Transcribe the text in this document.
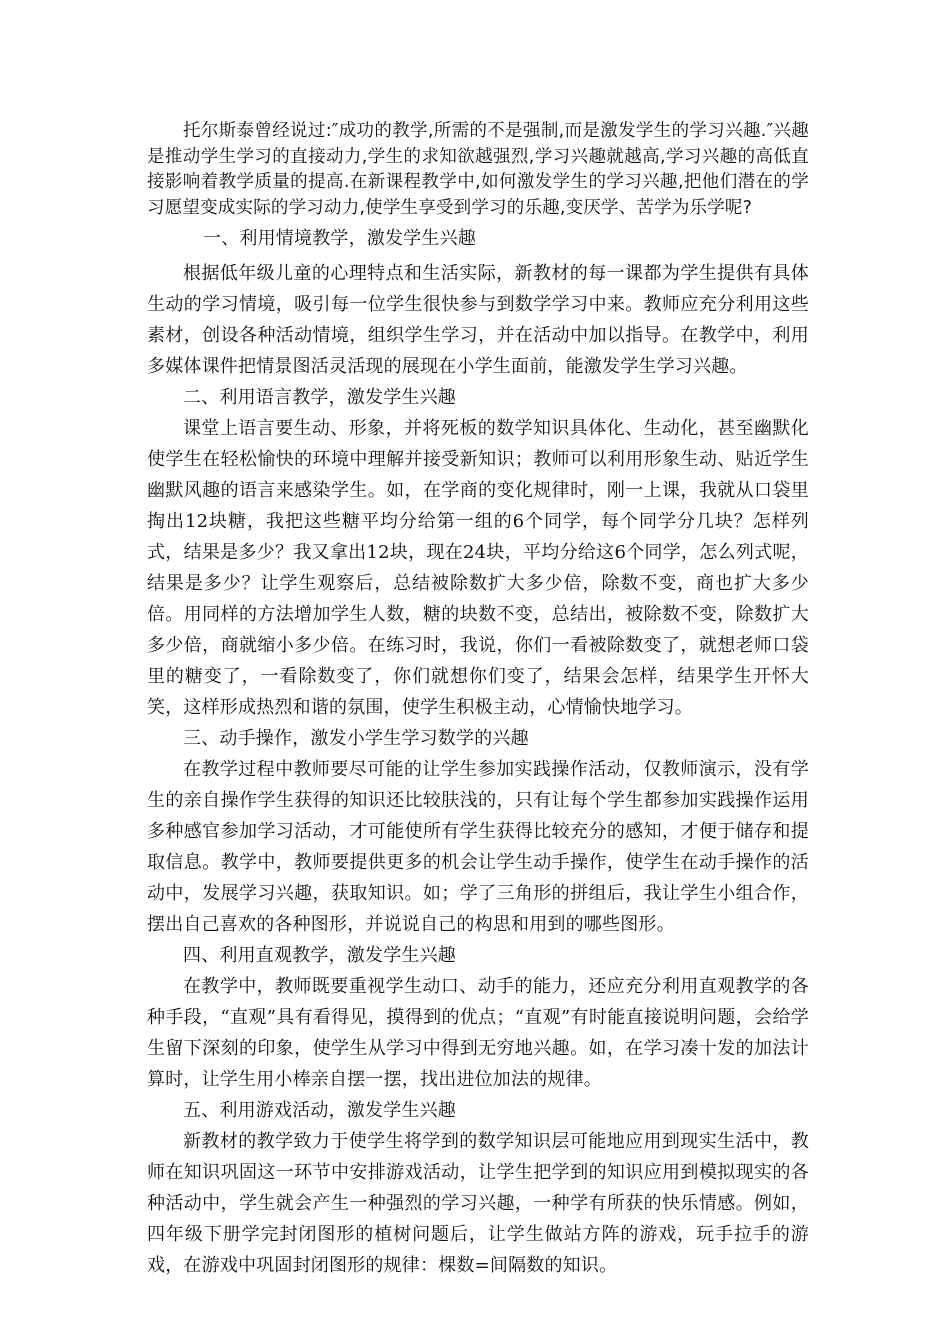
托尔斯泰曾经说过:″成功的教学,所需的不是强制,而是激发学生的学习兴趣.″兴趣是推动学生学习的直接动力,学生的求知欲越强烈,学习兴趣就越高,学习兴趣的高低直接影响着教学质量的提高.在新课程教学中,如何激发学生的学习兴趣,把他们潜在的学习愿望变成实际的学习动力,使学生享受到学习的乐趣,变厌学、苦学为乐学呢?

一、利用情境教学，激发学生兴趣

根据低年级儿童的心理特点和生活实际，新教材的每一课都为学生提供有具体生动的学习情境，吸引每一位学生很快参与到数学学习中来。教师应充分利用这些素材，创设各种活动情境，组织学生学习，并在活动中加以指导。在教学中，利用多媒体课件把情景图活灵活现的展现在小学生面前，能激发学生学习兴趣。

二、利用语言教学，激发学生兴趣

课堂上语言要生动、形象，并将死板的数学知识具体化、生动化，甚至幽默化使学生在轻松愉快的环境中理解并接受新知识；教师可以利用形象生动、贴近学生幽默风趣的语言来感染学生。如，在学商的变化规律时，刚一上课，我就从口袋里掏出12块糖，我把这些糖平均分给第一组的6个同学，每个同学分几块？怎样列式，结果是多少？我又拿出12块，现在24块，平均分给这6个同学，怎么列式呢，结果是多少？让学生观察后，总结被除数扩大多少倍，除数不变，商也扩大多少倍。用同样的方法增加学生人数，糖的块数不变，总结出，被除数不变，除数扩大多少倍，商就缩小多少倍。在练习时，我说，你们一看被除数变了，就想老师口袋里的糖变了，一看除数变了，你们就想你们变了，结果会怎样，结果学生开怀大笑，这样形成热烈和谐的氛围，使学生积极主动，心情愉快地学习。

三、动手操作，激发小学生学习数学的兴趣

在教学过程中教师要尽可能的让学生参加实践操作活动，仅教师演示，没有学生的亲自操作学生获得的知识还比较肤浅的，只有让每个学生都参加实践操作运用多种感官参加学习活动，才可能使所有学生获得比较充分的感知，才便于储存和提取信息。教学中，教师要提供更多的机会让学生动手操作，使学生在动手操作的活动中，发展学习兴趣，获取知识。如；学了三角形的拼组后，我让学生小组合作，摆出自己喜欢的各种图形，并说说自己的构思和用到的哪些图形。

四、利用直观教学，激发学生兴趣

在教学中，教师既要重视学生动口、动手的能力，还应充分利用直观教学的各种手段，“直观”具有看得见，摸得到的优点；“直观”有时能直接说明问题，会给学生留下深刻的印象，使学生从学习中得到无穷地兴趣。如，在学习凑十发的加法计算时，让学生用小棒亲自摆一摆，找出进位加法的规律。

五、利用游戏活动，激发学生兴趣

新教材的教学致力于使学生将学到的数学知识层可能地应用到现实生活中，教师在知识巩固这一环节中安排游戏活动，让学生把学到的知识应用到模拟现实的各种活动中，学生就会产生一种强烈的学习兴趣，一种学有所获的快乐情感。例如，四年级下册学完封闭图形的植树问题后，让学生做站方阵的游戏，玩手拉手的游戏，在游戏中巩固封闭图形的规律：棵数=间隔数的知识。
